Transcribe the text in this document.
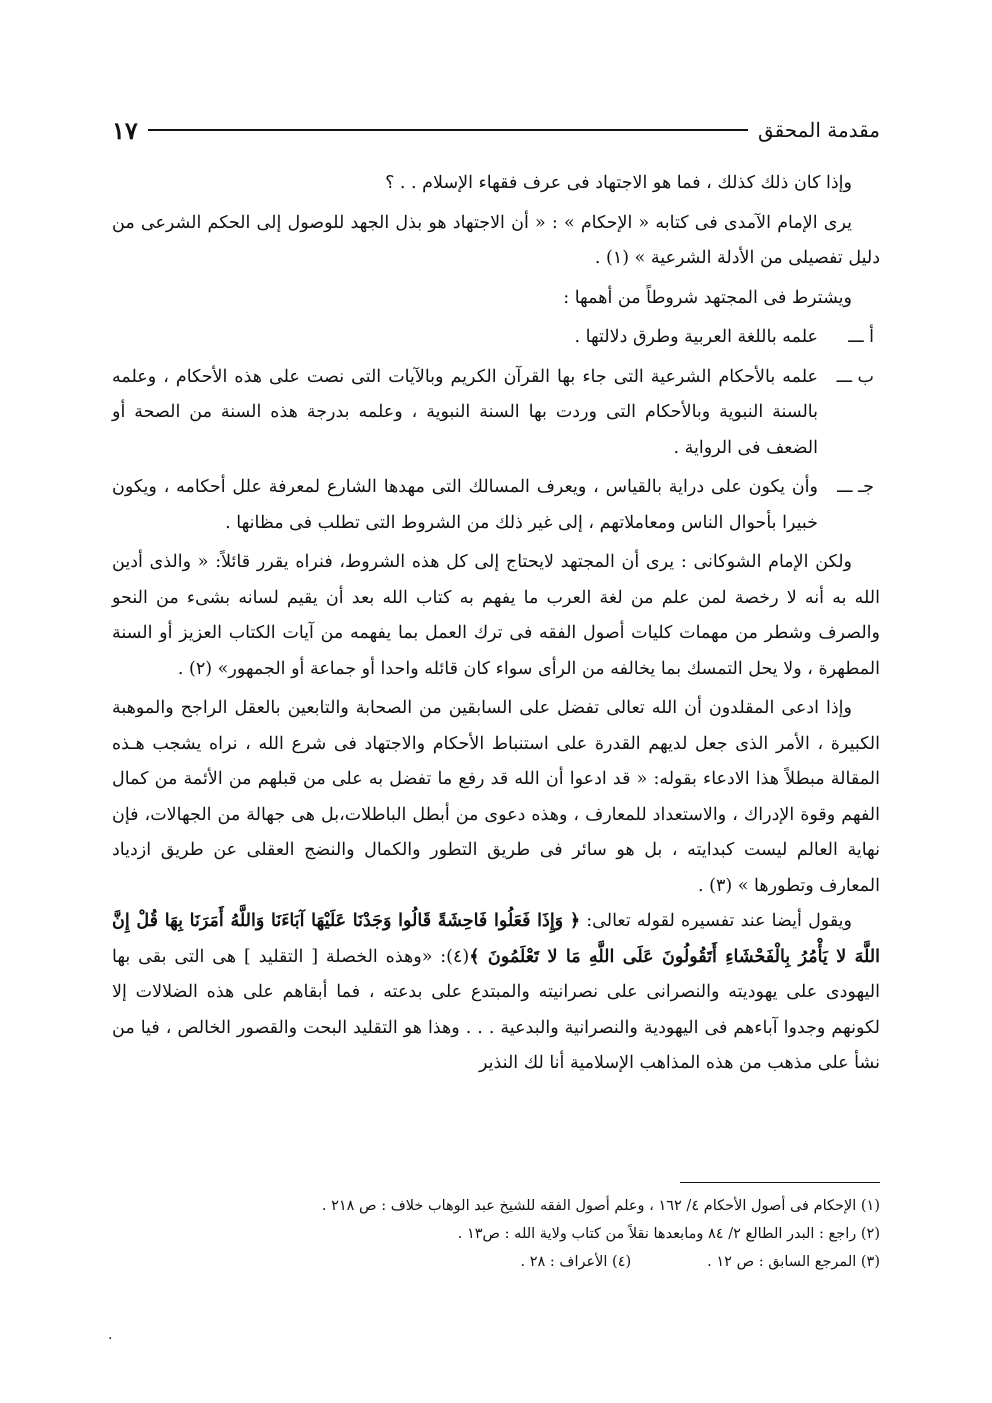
مقدمة المحقق
١٧

وإذا كان ذلك كذلك ، فما هو الاجتهاد فى عرف فقهاء الإسلام . . ؟

يرى الإمام الآمدى فى كتابه « الإحكام » : « أن الاجتهاد هو بذل الجهد للوصول إلى الحكم الشرعى من دليل تفصيلى من الأدلة الشرعية » (١) .

ويشترط فى المجتهد شروطاً من أهمها :

أ ـــ
علمه باللغة العربية وطرق دلالتها .
ب ـــ
علمه بالأحكام الشرعية التى جاء بها القرآن الكريم وبالآيات التى نصت على هذه الأحكام ، وعلمه بالسنة النبوية وبالأحكام التى وردت بها السنة النبوية ، وعلمه بدرجة هذه السنة من الصحة أو الضعف فى الرواية .
جـ ـــ
وأن يكون على دراية بالقياس ، ويعرف المسالك التى مهدها الشارع لمعرفة علل أحكامه ، ويكون خبيرا بأحوال الناس ومعاملاتهم ، إلى غير ذلك من الشروط التى تطلب فى مظانها .

ولكن الإمام الشوكانى : يرى أن المجتهد لايحتاج إلى كل هذه الشروط، فنراه يقرر قائلاً: « والذى أدين الله به أنه لا رخصة لمن علم من لغة العرب ما يفهم به كتاب الله بعد أن يقيم لسانه بشىء من النحو والصرف وشطر من مهمات كليات أصول الفقه فى ترك العمل بما يفهمه من آيات الكتاب العزيز أو السنة المطهرة ، ولا يحل التمسك بما يخالفه من الرأى سواء كان قائله واحدا أو جماعة أو الجمهور» (٢) .

وإذا ادعى المقلدون أن الله تعالى تفضل على السابقين من الصحابة والتابعين بالعقل الراجح والموهبة الكبيرة ، الأمر الذى جعل لديهم القدرة على استنباط الأحكام والاجتهاد فى شرع الله ، نراه يشجب هـذه المقالة مبطلاً هذا الادعاء بقوله: « قد ادعوا أن الله قد رفع ما تفضل به على من قبلهم من الأئمة من كمال الفهم وقوة الإدراك ، والاستعداد للمعارف ، وهذه دعوى من أبطل الباطلات،بل هى جهالة من الجهالات، فإن نهاية العالم ليست كبدايته ، بل هو سائر فى طريق التطور والكمال والنضج العقلى عن طريق ازدياد المعارف وتطورها » (٣) .

ويقول أيضا عند تفسيره لقوله تعالى: ﴿ وَإِذَا فَعَلُوا فَاحِشَةً قَالُوا وَجَدْنَا عَلَيْهَا آبَاءَنَا وَاللَّهُ أَمَرَنَا بِهَا قُلْ إِنَّ اللَّهَ لا يَأْمُرُ بِالْفَحْشَاءِ أَتَقُولُونَ عَلَى اللَّهِ مَا لا تَعْلَمُونَ ﴾(٤): «وهذه الخصلة [ التقليد ] هى التى بقى بها اليهودى على يهوديته والنصرانى على نصرانيته والمبتدع على بدعته ، فما أبقاهم على هذه الضلالات إلا لكونهم وجدوا آباءهم فى اليهودية والنصرانية والبدعية . . . وهذا هو التقليد البحت والقصور الخالص ، فيا من نشأ على مذهب من هذه المذاهب الإسلامية أنا لك النذير

(١) الإحكام فى أصول الأحكام ٤/ ١٦٢ ، وعلم أصول الفقه للشيخ عبد الوهاب خلاف : ص ٢١٨ .

(٢) راجع : البدر الطالع ٢/ ٨٤ ومابعدها نقلاً من كتاب ولاية الله : ص١٣ .

(٣) المرجع السابق : ص ١٢ .
(٤) الأعراف : ٢٨ .
.
